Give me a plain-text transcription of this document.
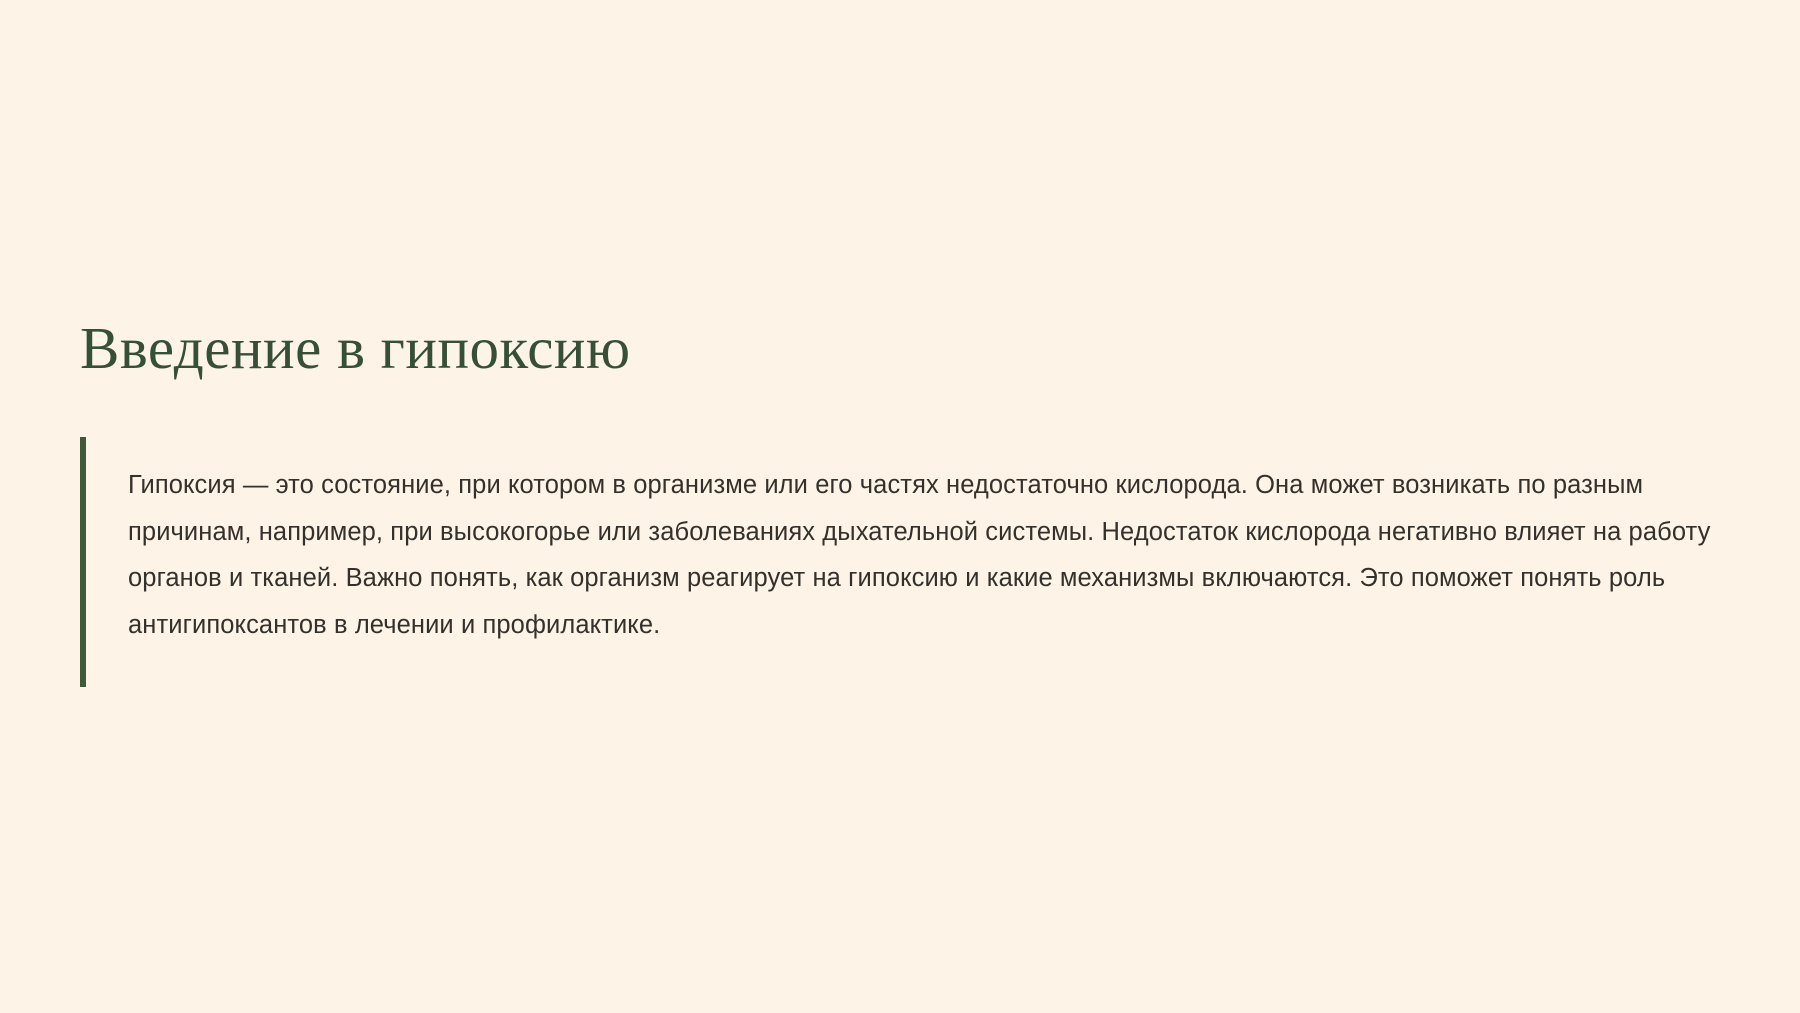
Введение в гипоксию

Гипоксия — это состояние, при котором в организме или его частях недостаточно кислорода. Она может возникать по разным причинам, например, при высокогорье или заболеваниях дыхательной системы. Недостаток кислорода негативно влияет на работу органов и тканей. Важно понять, как организм реагирует на гипоксию и какие механизмы включаются. Это поможет понять роль антигипоксантов в лечении и профилактике.
